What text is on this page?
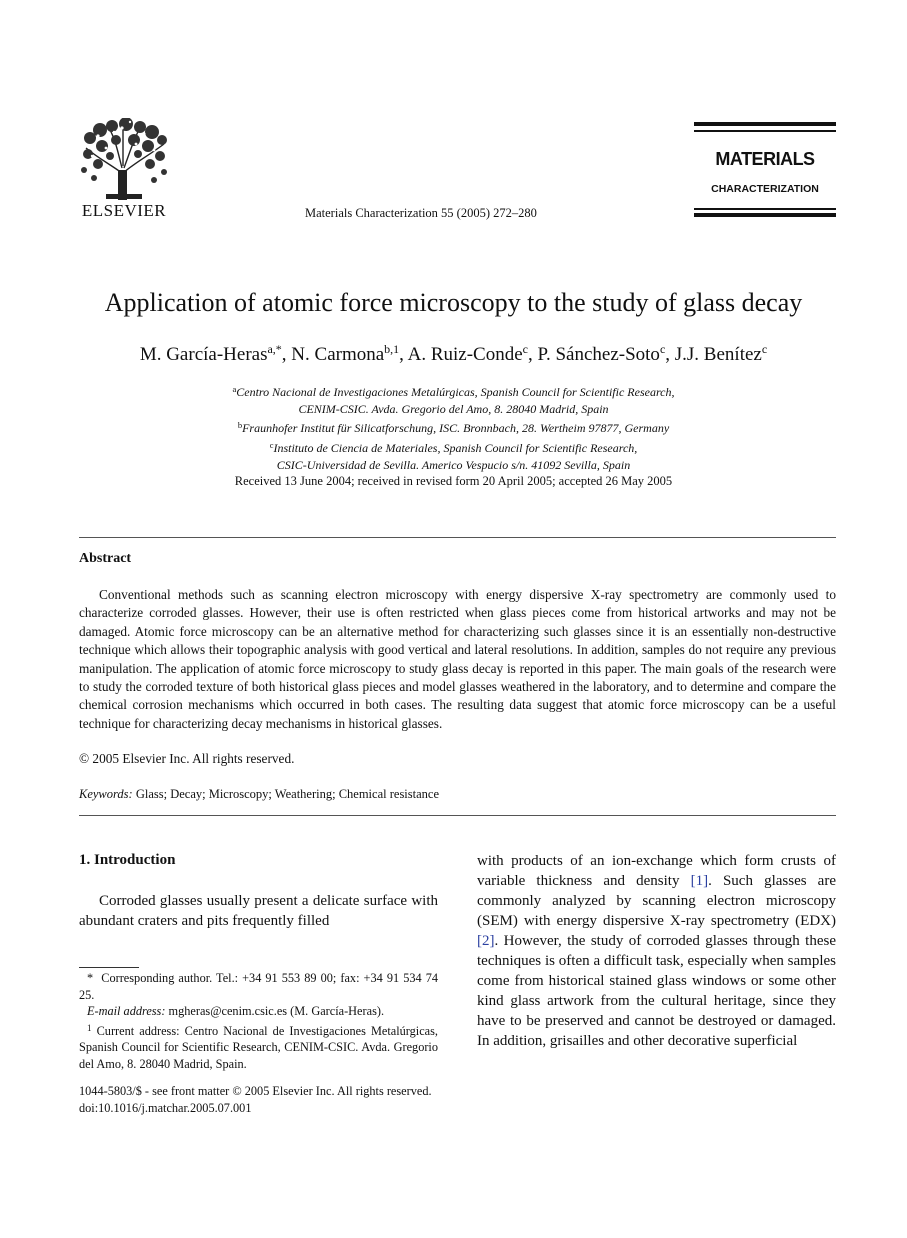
ELSEVIER	Materials Characterization 55 (2005) 272–280
MATERIALS
CHARACTERIZATION
Application of atomic force microscopy to the study of glass decay
M. García-Heras$^{a,*}$, N. Carmona$^{b,1}$, A. Ruiz-Conde$^c$, P. Sánchez-Soto$^c$, J.J. Benítez$^c$
$^a$Centro Nacional de Investigaciones Metalúrgicas, Spanish Council for Scientific Research,
CENIM-CSIC. Avda. Gregorio del Amo, 8. 28040 Madrid, Spain
$^b$Fraunhofer Institut für Silicatforschung, ISC. Bronnbach, 28. Wertheim 97877, Germany
$^c$Instituto de Ciencia de Materiales, Spanish Council for Scientific Research,
CSIC-Universidad de Sevilla. Americo Vespucio s/n. 41092 Sevilla, Spain
Received 13 June 2004; received in revised form 20 April 2005; accepted 26 May 2005
Abstract
Conventional methods such as scanning electron microscopy with energy dispersive X-ray spectrometry are commonly used to characterize corroded glasses. However, their use is often restricted when glass pieces come from historical artworks and may not be damaged. Atomic force microscopy can be an alternative method for characterizing such glasses since it is an essentially non-destructive technique which allows their topographic analysis with good vertical and lateral resolutions. In addition, samples do not require any previous manipulation. The application of atomic force microscopy to study glass decay is reported in this paper. The main goals of the research were to study the corroded texture of both historical glass pieces and model glasses weathered in the laboratory, and to determine and compare the chemical corrosion mechanisms which occurred in both cases. The resulting data suggest that atomic force microscopy can be a useful technique for characterizing decay mechanisms in historical glasses.
© 2005 Elsevier Inc. All rights reserved.
Keywords: Glass; Decay; Microscopy; Weathering; Chemical resistance
1. Introduction
Corroded glasses usually present a delicate surface with abundant craters and pits frequently filled
with products of an ion-exchange which form crusts of variable thickness and density [1]. Such glasses are commonly analyzed by scanning electron microscopy (SEM) with energy dispersive X-ray spectrometry (EDX) [2]. However, the study of corroded glasses through these techniques is often a difficult task, especially when samples come from historical stained glass windows or some other kind glass artwork from the cultural heritage, since they have to be preserved and cannot be destroyed or damaged. In addition, grisailles and other decorative superficial

* Corresponding author. Tel.: +34 91 553 89 00; fax: +34 91 534 74 25.

E-mail address: mgheras@cenim.csic.es (M. García-Heras).

$^1$ Current address: Centro Nacional de Investigaciones Metalúrgicas, Spanish Council for Scientific Research, CENIM-CSIC. Avda. Gregorio del Amo, 8. 28040 Madrid, Spain.

1044-5803/$ - see front matter © 2005 Elsevier Inc. All rights reserved.
doi:10.1016/j.matchar.2005.07.001
